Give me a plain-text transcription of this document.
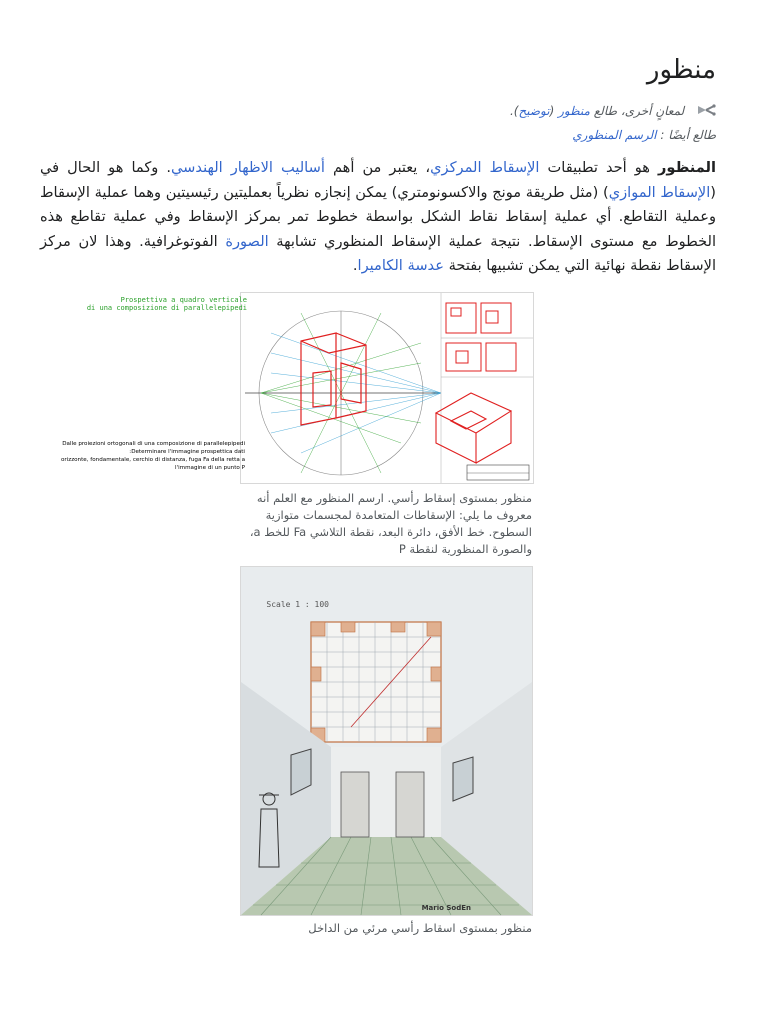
منظور
لمعانٍ أخرى، طالع منظور (توضيح).
طالع أيضًا : الرسم المنظوري
المنظور هو أحد تطبيقات الإسقاط المركزي، يعتبر من أهم أساليب الاظهار الهندسي. وكما هو الحال في (الإسقاط الموازي) (مثل طريقة مونج والاكسونومتري) يمكن إنجازه نظرياً بعمليتين رئيسيتين وهما عملية الإسقاط وعملية التقاطع. أي عملية إسقاط نقاط الشكل بواسطة خطوط تمر بمركز الإسقاط وفي عملية تقاطع هذه الخطوط مع مستوى الإسقاط. نتيجة عملية الإسقاط المنظوري تشابهة الصورة الفوتوغرافية. وهذا لان مركز الإسقاط نقطة نهائية التي يمكن تشبيها بفتحة عدسة الكاميرا.
Prospettiva a quadro verticale
di una composizione di parallelepipedi
Dalle proiezioni ortogonali di una composizione di parallelepipedi
Determinare l'immagine prospettica dati:
orizzonte, fondamentale, cerchio di distanza, fuga Fa della retta a
l'immagine di un punto P
منظور بمستوى إسقاط رأسي. ارسم المنظور مع العلم أنه معروف ما يلي: الإسقاطات المتعامدة لمجسمات متوازية السطوح. خط الأفق، دائرة البعد، نقطة التلاشي Fa للخط a، والصورة المنظورية لنقطة P
Scale 1 : 100
Mario SodEn
منظور بمستوى اسقاط رأسي مرئي من الداخل
